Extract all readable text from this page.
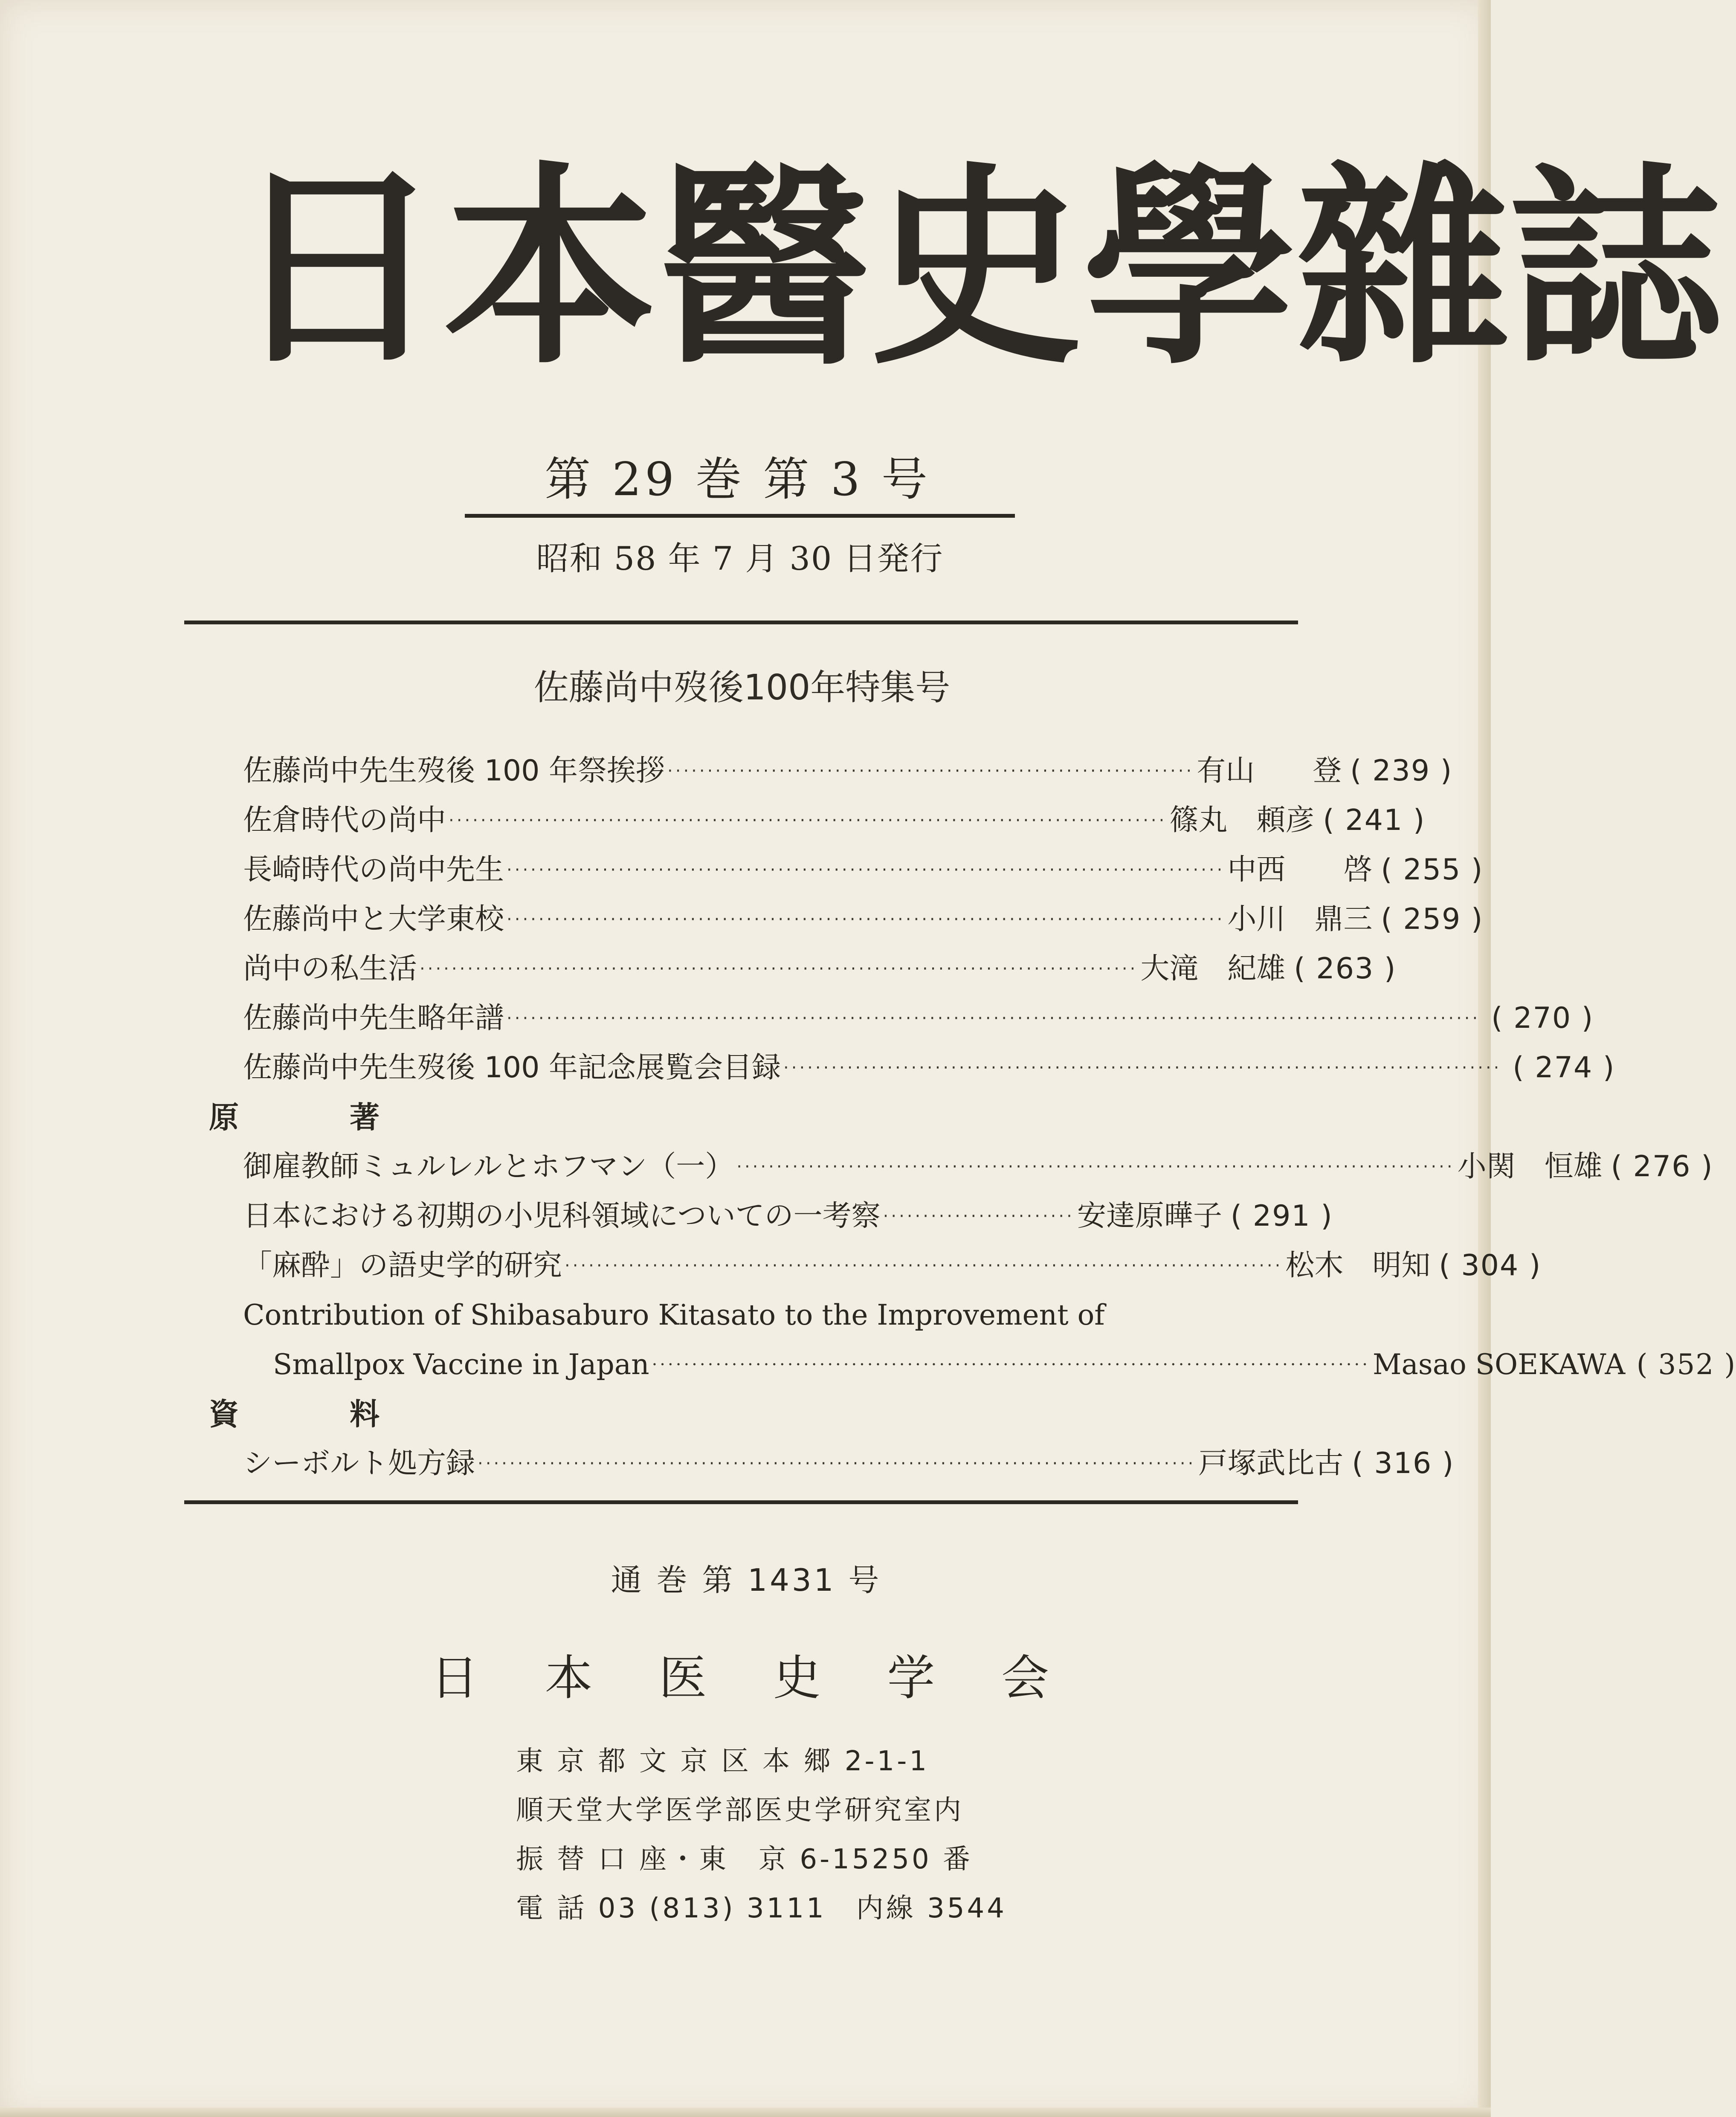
日 本 醫 史 學 雜 誌
第 29 巻 第 3 号
昭和 58 年 7 月 30 日発行
佐藤尚中歿後100年特集号
佐藤尚中先生歿後 100 年祭挨拶 ·································································· 有山　　登 ( 239 )
佐倉時代の尚中 ·························································································· 篠丸　頼彦 ( 241 )
長崎時代の尚中先生 ·························································································· 中西　　啓 ( 255 )
佐藤尚中と大学東校 ·························································································· 小川　鼎三 ( 259 )
尚中の私生活 ·························································································· 大滝　紀雄 ( 263 )
佐藤尚中先生略年譜 ·························································································································· ( 270 )
佐藤尚中先生歿後 100 年記念展覧会目録 ·························································································· ( 274 )
原	著
御雇教師ミュルレルとホフマン（一） ·························································································· 小関　恒雄 ( 276 )
日本における初期の小児科領域についての一考察 ························ 安達原曄子 ( 291 )
「麻酔」の語史学的研究 ·························································································· 松木　明知 ( 304 )
Contribution of Shibasaburo Kitasato to the Improvement of
Smallpox Vaccine in Japan ·························································································· Masao SOEKAWA ( 352 )
資	料
シーボルト処方録 ·························································································· 戸塚武比古 ( 316 )
通 巻 第 1431 号
日 本 医 史 学 会
東 京 都 文 京 区 本 郷 2-1-1
順天堂大学医学部医史学研究室内
振 替 口 座・東　京 6-15250 番
電 話 03 (813) 3111　内線 3544
